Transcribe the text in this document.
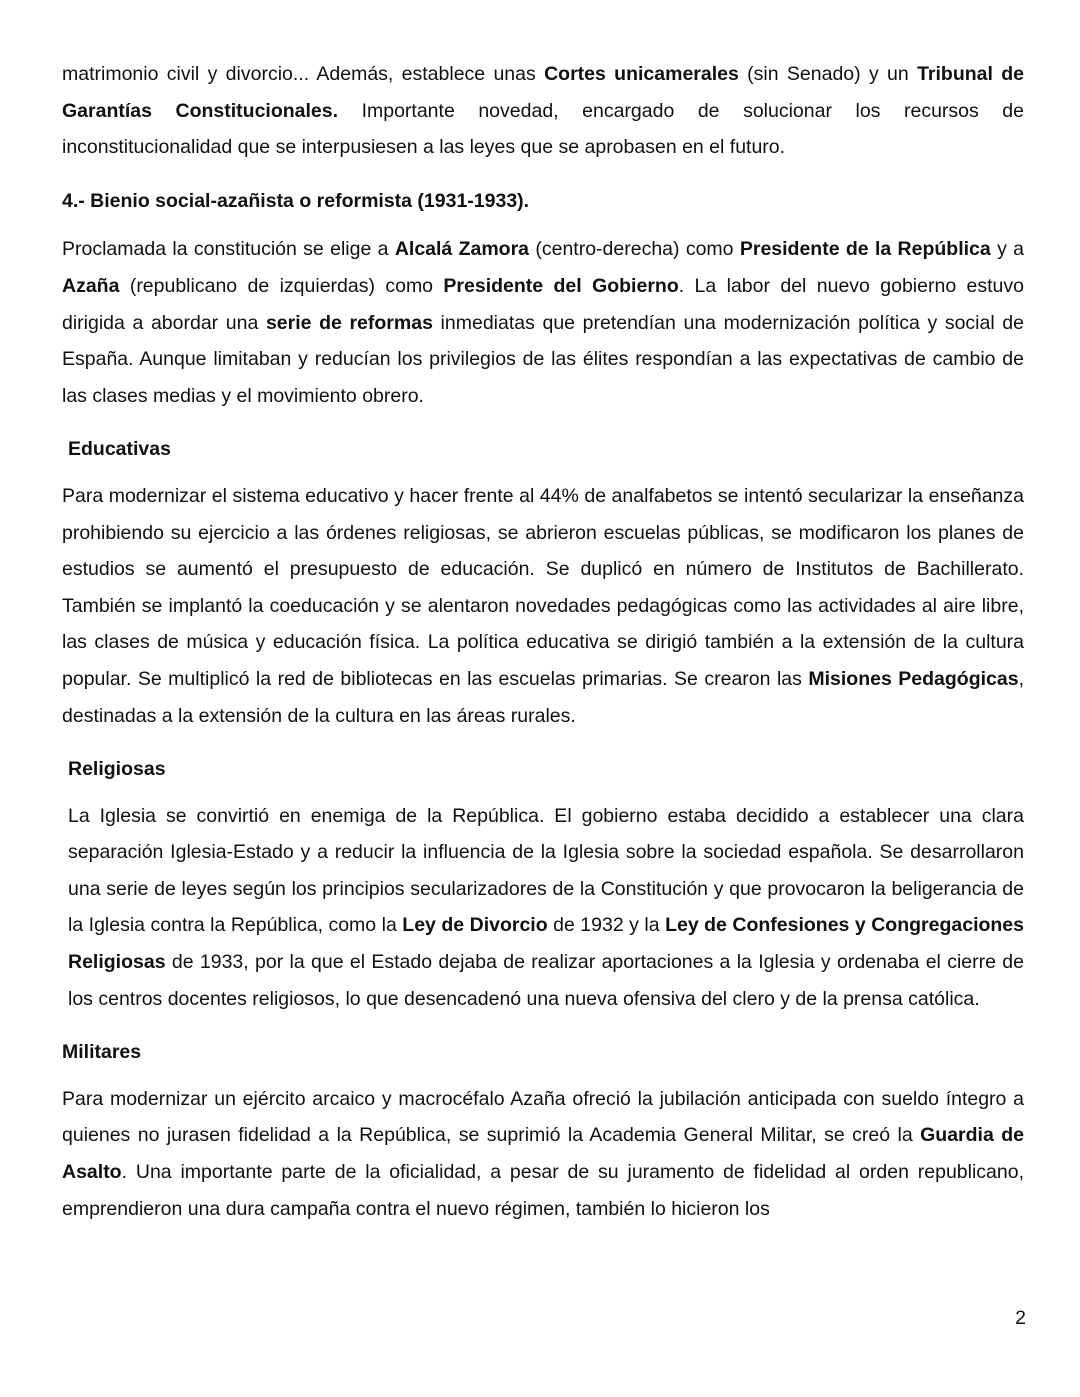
matrimonio civil y divorcio... Además, establece unas Cortes unicamerales (sin Senado) y un Tribunal de Garantías Constitucionales. Importante novedad, encargado de solucionar los recursos de inconstitucionalidad que se interpusiesen a las leyes que se aprobasen en el futuro.

4.- Bienio social-azañista o reformista (1931-1933).

Proclamada la constitución se elige a Alcalá Zamora (centro-derecha) como Presidente de la República y a Azaña (republicano de izquierdas) como Presidente del Gobierno. La labor del nuevo gobierno estuvo dirigida a abordar una serie de reformas inmediatas que pretendían una modernización política y social de España. Aunque limitaban y reducían los privilegios de las élites respondían a las expectativas de cambio de las clases medias y el movimiento obrero.

Educativas

Para modernizar el sistema educativo y hacer frente al 44% de analfabetos se intentó secularizar la enseñanza prohibiendo su ejercicio a las órdenes religiosas, se abrieron escuelas públicas, se modificaron los planes de estudios se aumentó el presupuesto de educación. Se duplicó en número de Institutos de Bachillerato. También se implantó la coeducación y se alentaron novedades pedagógicas como las actividades al aire libre, las clases de música y educación física. La política educativa se dirigió también a la extensión de la cultura popular. Se multiplicó la red de bibliotecas en las escuelas primarias. Se crearon las Misiones Pedagógicas, destinadas a la extensión de la cultura en las áreas rurales.

Religiosas

La Iglesia se convirtió en enemiga de la República. El gobierno estaba decidido a establecer una clara separación Iglesia-Estado y a reducir la influencia de la Iglesia sobre la sociedad española. Se desarrollaron una serie de leyes según los principios secularizadores de la Constitución y que provocaron la beligerancia de la Iglesia contra la República, como la Ley de Divorcio de 1932 y la Ley de Confesiones y Congregaciones Religiosas de 1933, por la que el Estado dejaba de realizar aportaciones a la Iglesia y ordenaba el cierre de los centros docentes religiosos, lo que desencadenó una nueva ofensiva del clero y de la prensa católica.

Militares

Para modernizar un ejército arcaico y macrocéfalo Azaña ofreció la jubilación anticipada con sueldo íntegro a quienes no jurasen fidelidad a la República, se suprimió la Academia General Militar, se creó la Guardia de Asalto. Una importante parte de la oficialidad, a pesar de su juramento de fidelidad al orden republicano, emprendieron una dura campaña contra el nuevo régimen, también lo hicieron los

2
